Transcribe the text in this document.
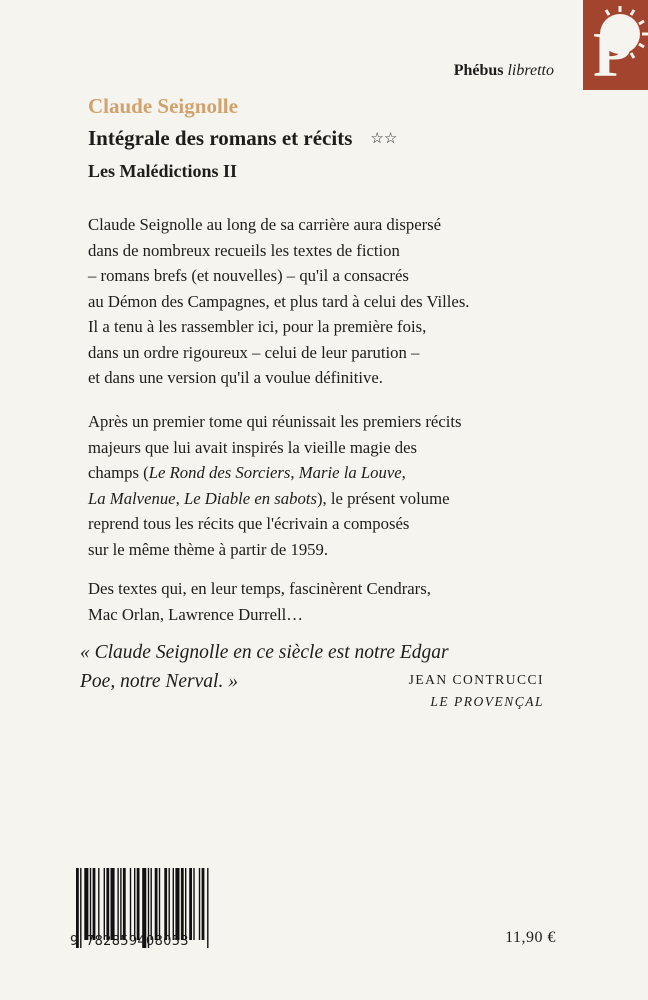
P
Phébus libretto
Claude Seignolle
Intégrale des romans et récits ☆☆
Les Malédictions II
Claude Seignolle au long de sa carrière aura dispersé
dans de nombreux recueils les textes de fiction
– romans brefs (et nouvelles) – qu'il a consacrés
au Démon des Campagnes, et plus tard à celui des Villes.
Il a tenu à les rassembler ici, pour la première fois,
dans un ordre rigoureux – celui de leur parution –
et dans une version qu'il a voulue définitive.
Après un premier tome qui réunissait les premiers récits
majeurs que lui avait inspirés la vieille magie des
champs (Le Rond des Sorciers, Marie la Louve,
La Malvenue, Le Diable en sabots), le présent volume
reprend tous les récits que l'écrivain a composés
sur le même thème à partir de 1959.
Des textes qui, en leur temps, fascinèrent Cendrars,
Mac Orlan, Lawrence Durrell…
« Claude Seignolle en ce siècle est notre Edgar
Poe, notre Nerval. »	JEAN CONTRUCCI
LE PROVENÇAL
9 782859408053	11,90 €
